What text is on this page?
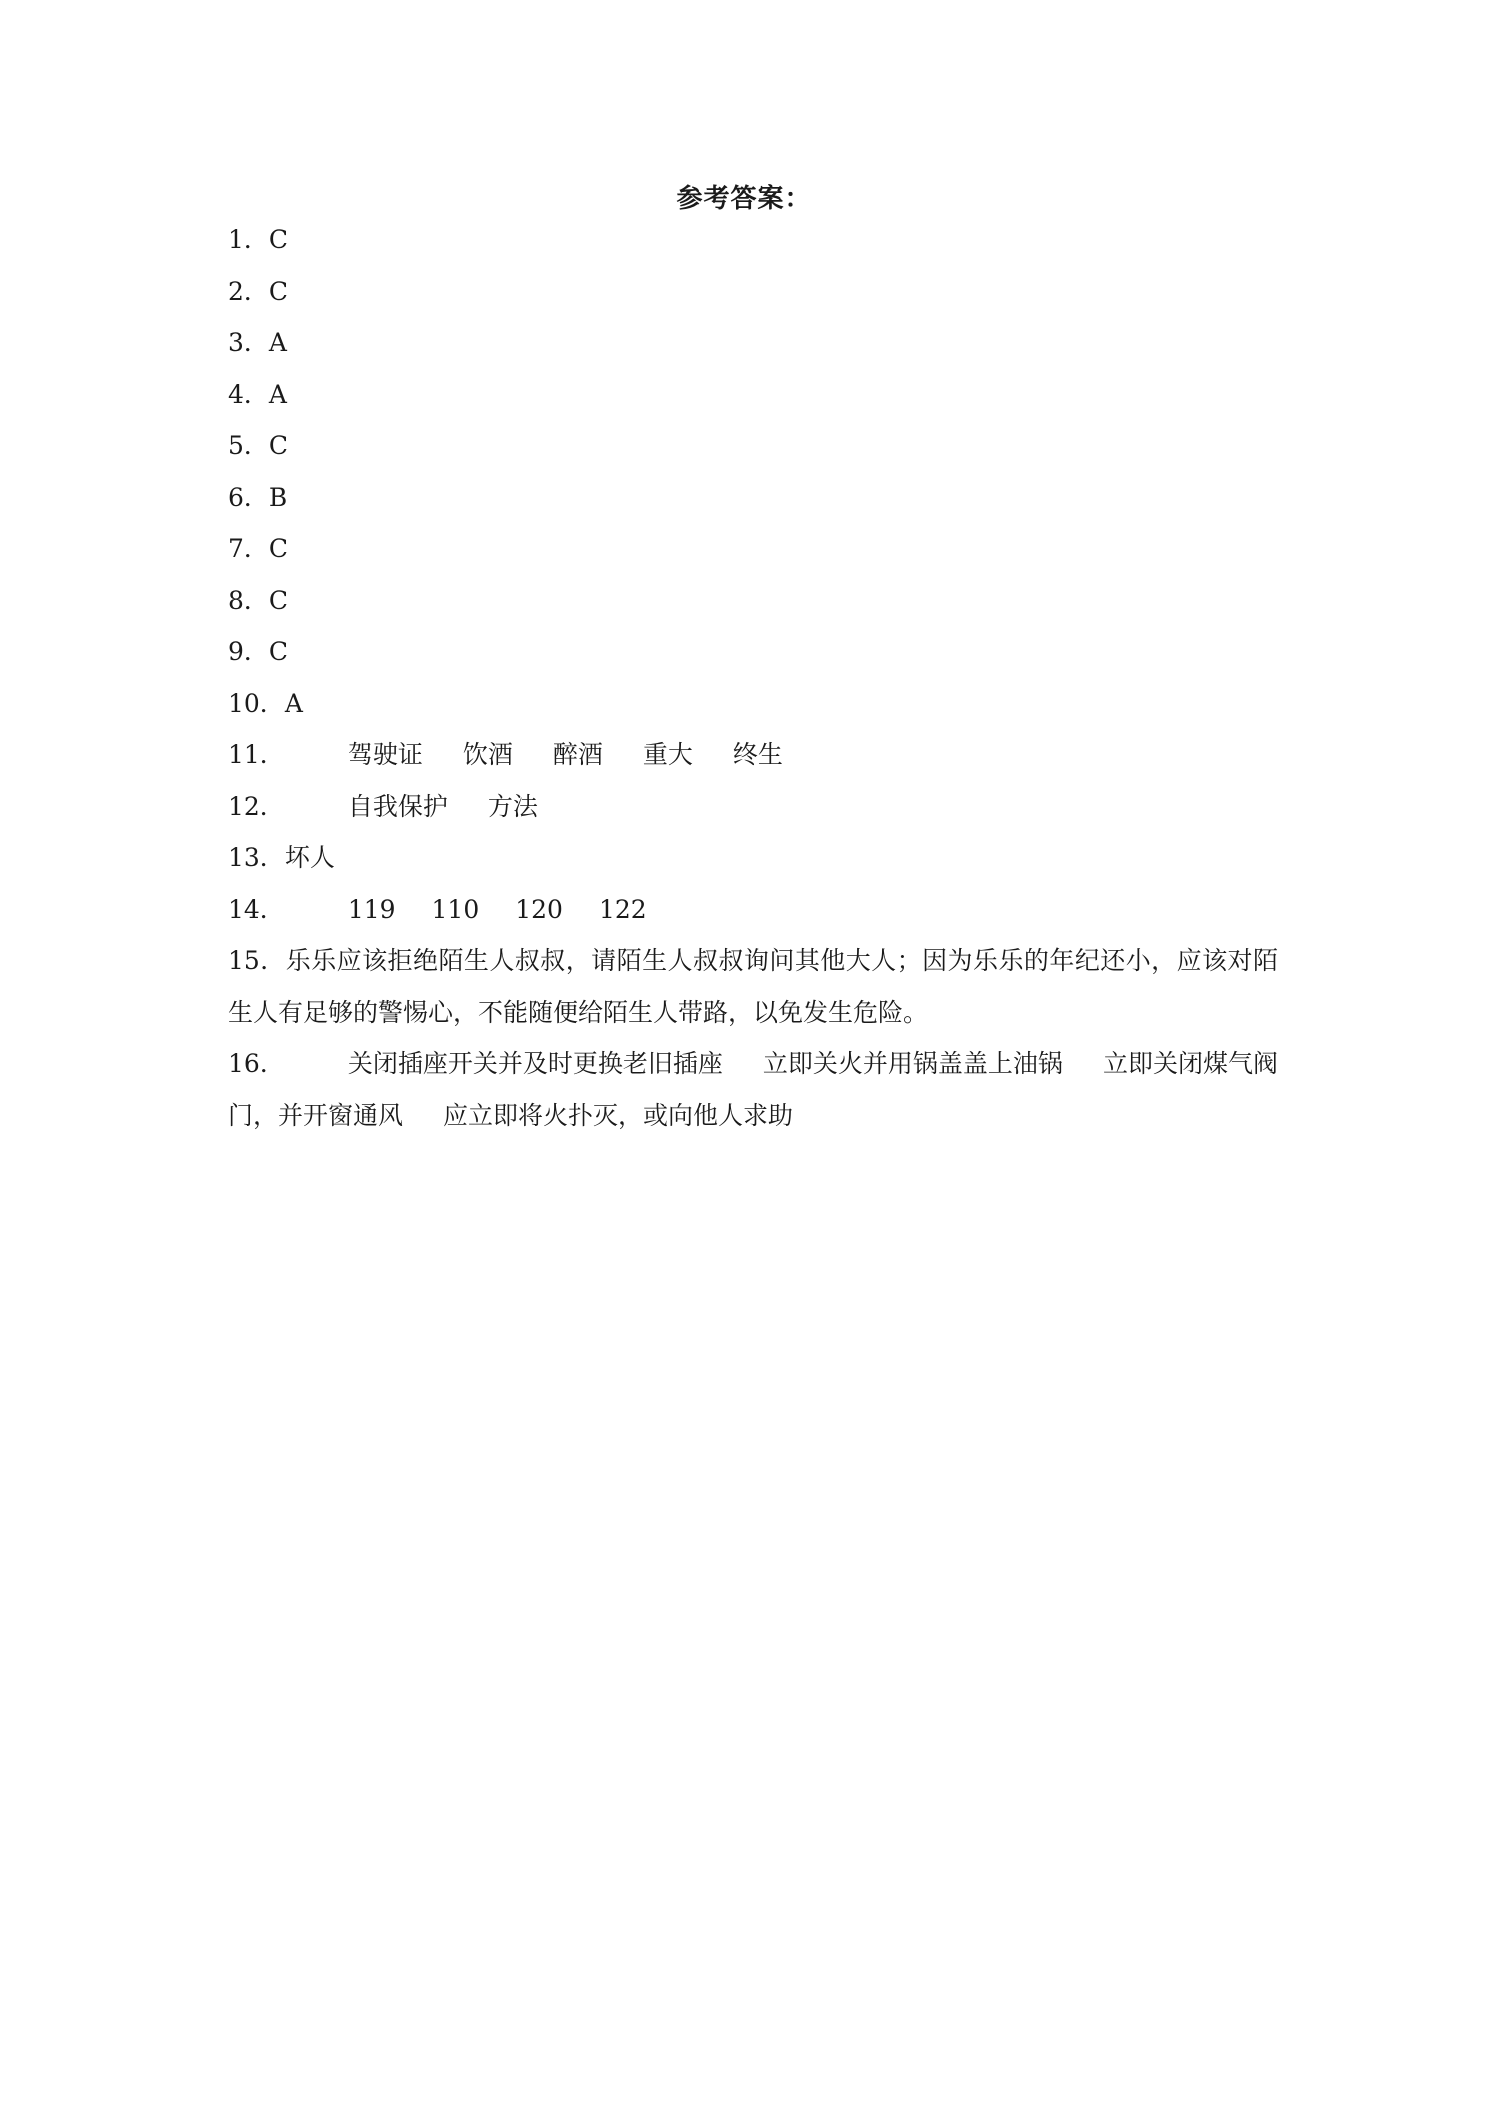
参考答案：
1． C
2． C
3． A
4． A
5． C
6． B
7． C
8． C
9． C
10． A
11．	驾驶证 饮酒 醉酒 重大 终生
12．	自我保护 方法
13． 坏人
14．	119 110 120 122
15．乐乐应该拒绝陌生人叔叔，请陌生人叔叔询问其他大人；因为乐乐的年纪还小，应该对陌生人有足够的警惕心，不能随便给陌生人带路，以免发生危险。
16．	关闭插座开关并及时更换老旧插座 立即关火并用锅盖盖上油锅 立即关闭煤气阀门，并开窗通风 应立即将火扑灭，或向他人求助
